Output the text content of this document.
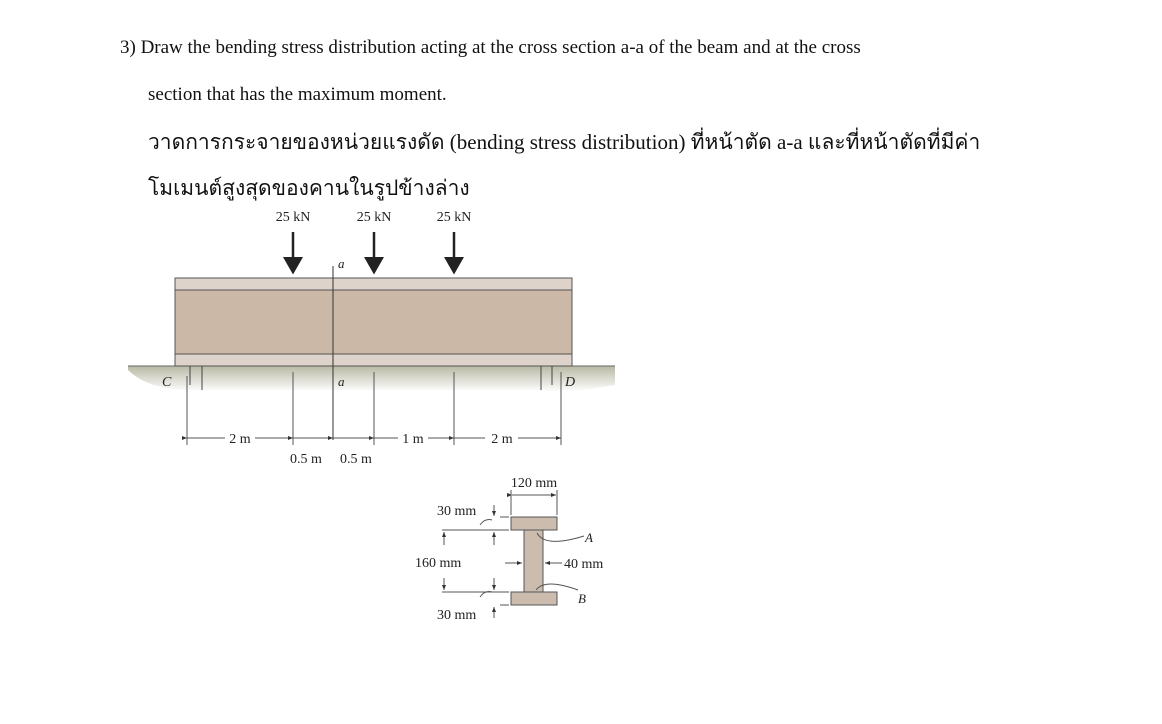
3) Draw the bending stress distribution acting at the cross section a-a of the beam and at the cross
section that has the maximum moment.
วาดการกระจายของหน่วยแรงดัด (bending stress distribution) ที่หน้าตัด a-a และที่หน้าตัดที่มีค่า
โมเมนต์สูงสุดของคานในรูปข้างล่าง
C	D
25 kN	25 kN	25 kN
a
a
2 m	1 m	2 m
0.5 m 0.5 m
120 mm
30 mm
160 mm
30 mm
40 mm
A
B
